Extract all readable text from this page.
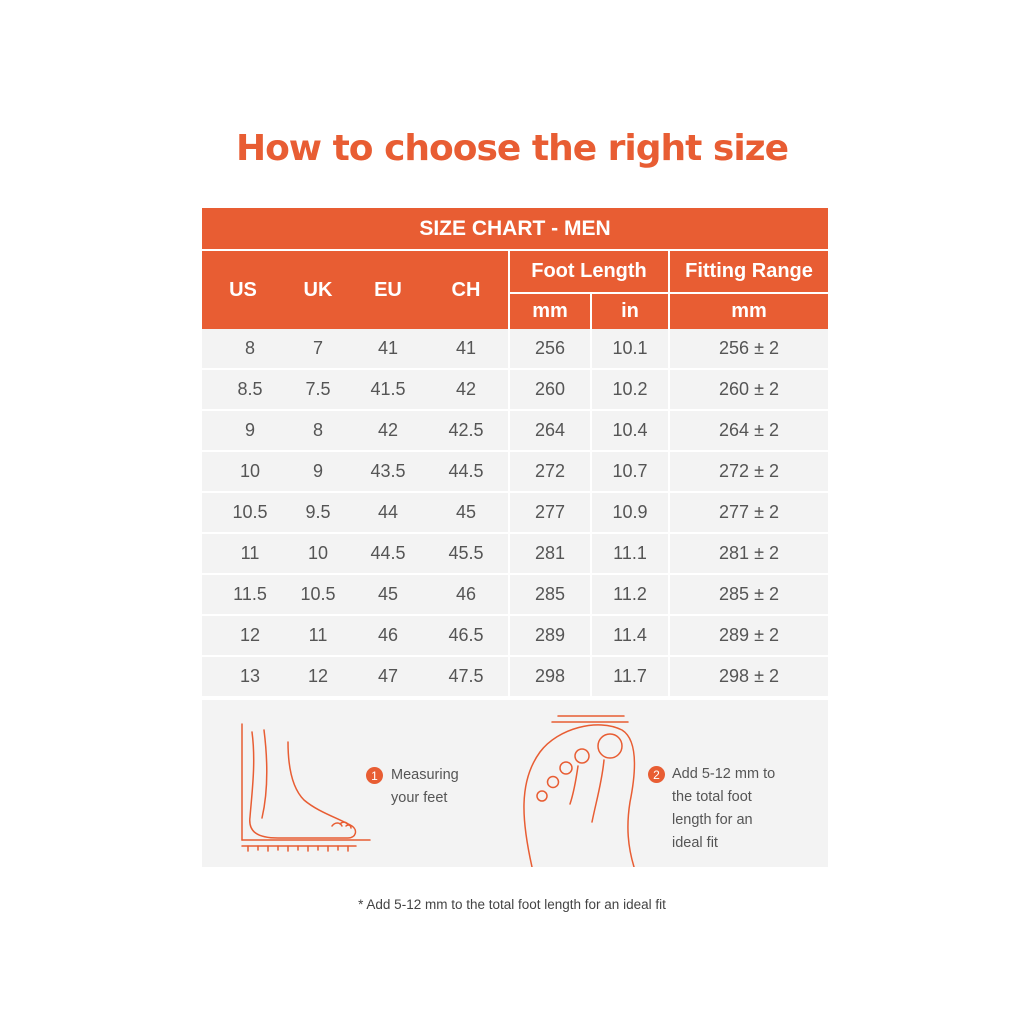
How to choose the right size
SIZE CHART - MEN
US	UK	EU	CH
Foot Length
mm	in
Fitting Range
mm
8	7	41	41	256	10.1	256 ± 2
8.5	7.5	41.5	42	260	10.2	260 ± 2
9	8	42	42.5	264	10.4	264 ± 2
10	9	43.5	44.5	272	10.7	272 ± 2
10.5	9.5	44	45	277	10.9	277 ± 2
11	10	44.5	45.5	281	11.1	281 ± 2
11.5	10.5	45	46	285	11.2	285 ± 2
12	11	46	46.5	289	11.4	289 ± 2
13	12	47	47.5	298	11.7	298 ± 2
1 Measuring
your feet
2 Add 5-12 mm to
the total foot
length for an
ideal fit
* Add 5-12 mm to the total foot length for an ideal fit
